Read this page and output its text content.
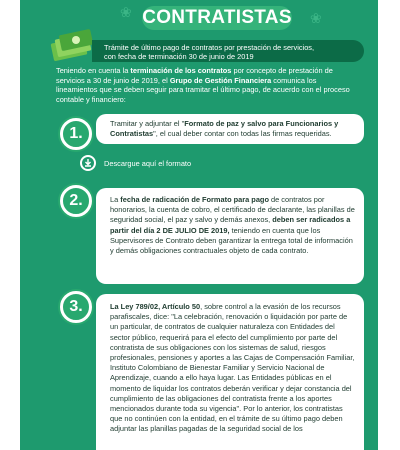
❀	❀
CONTRATISTAS
Trámite de último pago de contratos por prestación de servicios,
con fecha de terminación 30 de junio de 2019
Teniendo en cuenta la terminación de los contratos por concepto de prestación de servicios a 30 de junio de 2019, el Grupo de Gestión Financiera comunica los lineamientos que se deben seguir para tramitar el último pago, de acuerdo con el proceso contable y financiero:
1.
Tramitar y adjuntar el "Formato de paz y salvo para Funcionarios y Contratistas", el cual deber contar con todas las firmas requeridas.
Descargue aquí el formato
2.	La fecha de radicación de Formato para pago de contratos por honorarios, la cuenta de cobro, el certificado de declarante, las planillas de seguridad social, el paz y salvo y demás anexos, deben ser radicados a partir del día 2 DE JULIO DE 2019, teniendo en cuenta que los Supervisores de Contrato deben garantizar la entrega total de información y demás obligaciones contractuales objeto de cada contrato.
3.	La Ley 789/02, Artículo 50, sobre control a la evasión de los recursos parafiscales, dice: "La celebración, renovación o liquidación por parte de un particular, de contratos de cualquier naturaleza con Entidades del sector público, requerirá para el efecto del cumplimiento por parte del contratista de sus obligaciones con los sistemas de salud, riesgos profesionales, pensiones y aportes a las Cajas de Compensación Familiar, Instituto Colombiano de Bienestar Familiar y Servicio Nacional de Aprendizaje, cuando a ello haya lugar. Las Entidades públicas en el momento de liquidar los contratos deberán verificar y dejar constancia del cumplimiento de las obligaciones del contratista frente a los aportes mencionados durante toda su vigencia". Por lo anterior, los contratistas que no continúen con la entidad, en el trámite de su último pago deben adjuntar las planillas pagadas de la seguridad social de los
